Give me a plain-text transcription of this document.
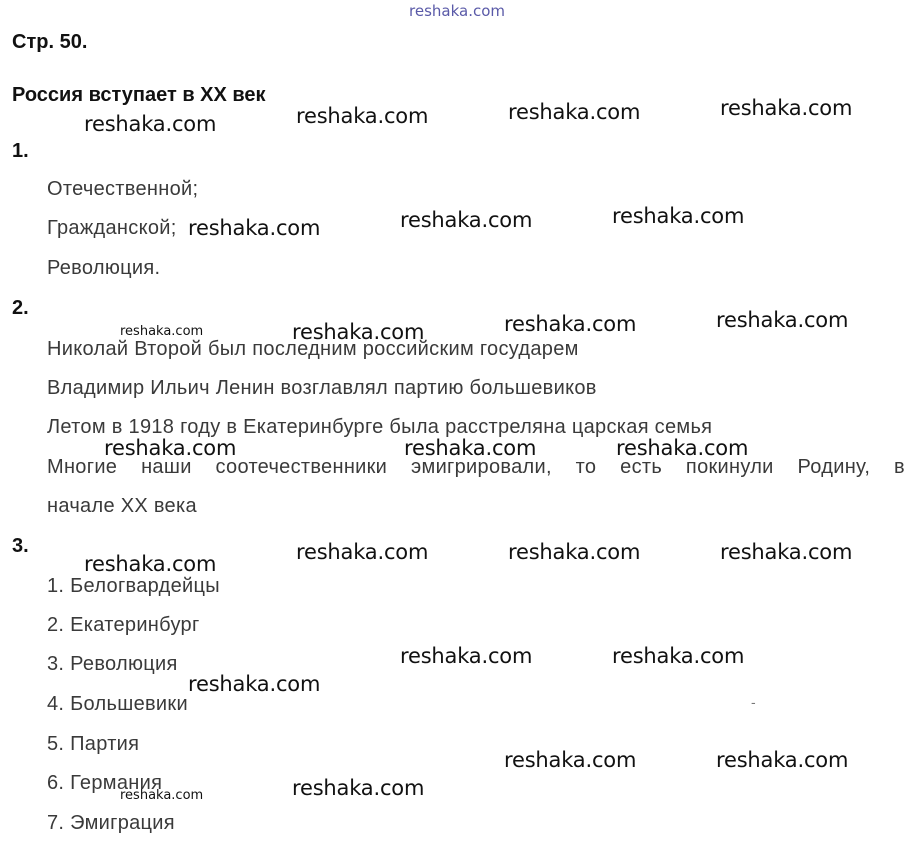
reshaka.com
Стр. 50.
Россия вступает в XX век
1.
Отечественной;
Гражданской;
Революция.
2.
Николай Второй был последним российским государем
Владимир Ильич Ленин возглавлял партию большевиков
Летом в 1918 году в Екатеринбурге была расстреляна царская семья
Многие наши соотечественники эмигрировали, то есть покинули Родину, в
начале XX века
3.
1. Белогвардейцы
2. Екатеринбург
3. Революция
4. Большевики
5. Партия
6. Германия
7. Эмиграция
reshaka.com	reshaka.com	reshaka.com	reshaka.com
reshaka.com	reshaka.com	reshaka.com
reshaka.com	reshaka.com	reshaka.com	reshaka.com
reshaka.com	reshaka.com	reshaka.com
reshaka.com	reshaka.com	reshaka.com	reshaka.com
reshaka.com	reshaka.com
reshaka.com
reshaka.com	reshaka.com
reshaka.com	reshaka.com
-
